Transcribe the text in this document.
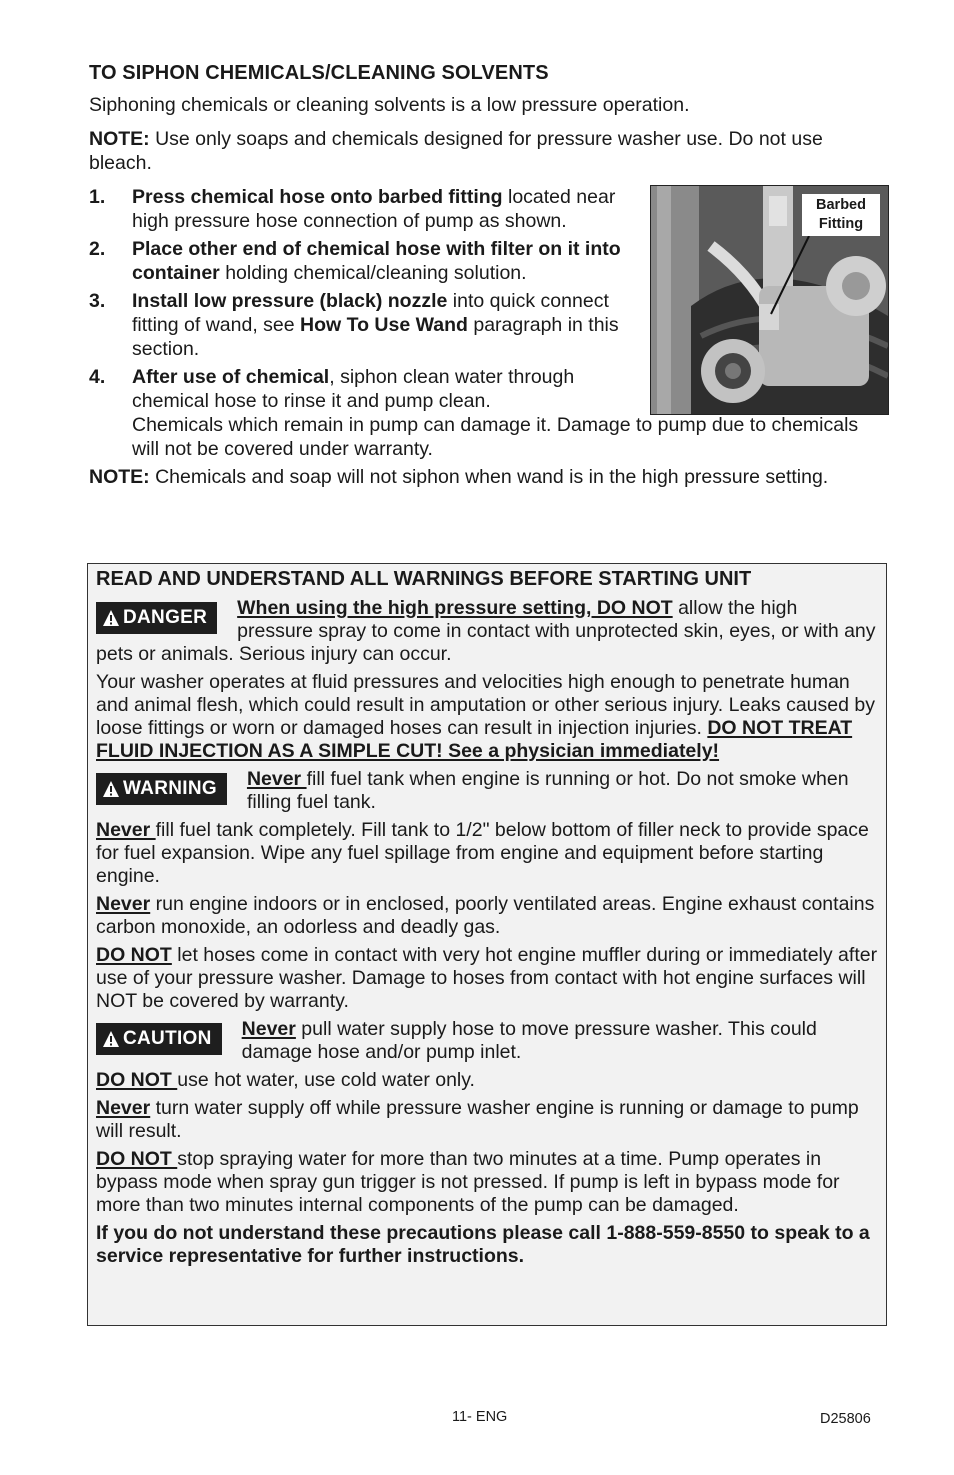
TO SIPHON CHEMICALS/CLEANING SOLVENTS

Siphoning chemicals or cleaning solvents is a low pressure operation.

NOTE: Use only soaps and chemicals designed for pressure washer use. Do not use bleach.

Barbed
Fitting
1. Press chemical hose onto barbed fitting located near high pressure hose connection of pump as shown.
2. Place other end of chemical hose with filter on it into container holding chemical/cleaning solution.
3. Install low pressure (black) nozzle into quick connect fitting of wand, see How To Use Wand paragraph in this section.
4. After use of chemical, siphon clean water through chemical hose to rinse it and pump clean.
Chemicals which remain in pump can damage it. Damage to pump due to chemicals will not be covered under warranty.

NOTE: Chemicals and soap will not siphon when wand is in the high pressure setting.

READ AND UNDERSTAND ALL WARNINGS BEFORE STARTING UNIT
DANGER	When using the high pressure setting, DO NOT allow the high pressure spray to come in contact with unprotected skin, eyes, or with any pets or animals. Serious injury can occur.

Your washer operates at fluid pressures and velocities high enough to penetrate human and animal flesh, which could result in amputation or other serious injury. Leaks caused by loose fittings or worn or damaged hoses can result in injection injuries. DO NOT TREAT FLUID INJECTION AS A SIMPLE CUT! See a physician immediately!

WARNING	Never fill fuel tank when engine is running or hot. Do not smoke when filling fuel tank.

Never fill fuel tank completely. Fill tank to 1/2" below bottom of filler neck to provide space for fuel expansion. Wipe any fuel spillage from engine and equipment before starting engine.

Never run engine indoors or in enclosed, poorly ventilated areas. Engine exhaust contains carbon monoxide, an odorless and deadly gas.

DO NOT let hoses come in contact with very hot engine muffler during or immediately after use of your pressure washer. Damage to hoses from contact with hot engine surfaces will NOT be covered by warranty.

CAUTION	Never pull water supply hose to move pressure washer. This could damage hose and/or pump inlet.

DO NOT use hot water, use cold water only.

Never turn water supply off while pressure washer engine is running or damage to pump will result.

DO NOT stop spraying water for more than two minutes at a time. Pump operates in bypass mode when spray gun trigger is not pressed. If pump is left in bypass mode for more than two minutes internal components of the pump can be damaged.

If you do not understand these precautions please call 1-888-559-8550 to speak to a service representative for further instructions.

11- ENG	D25806
